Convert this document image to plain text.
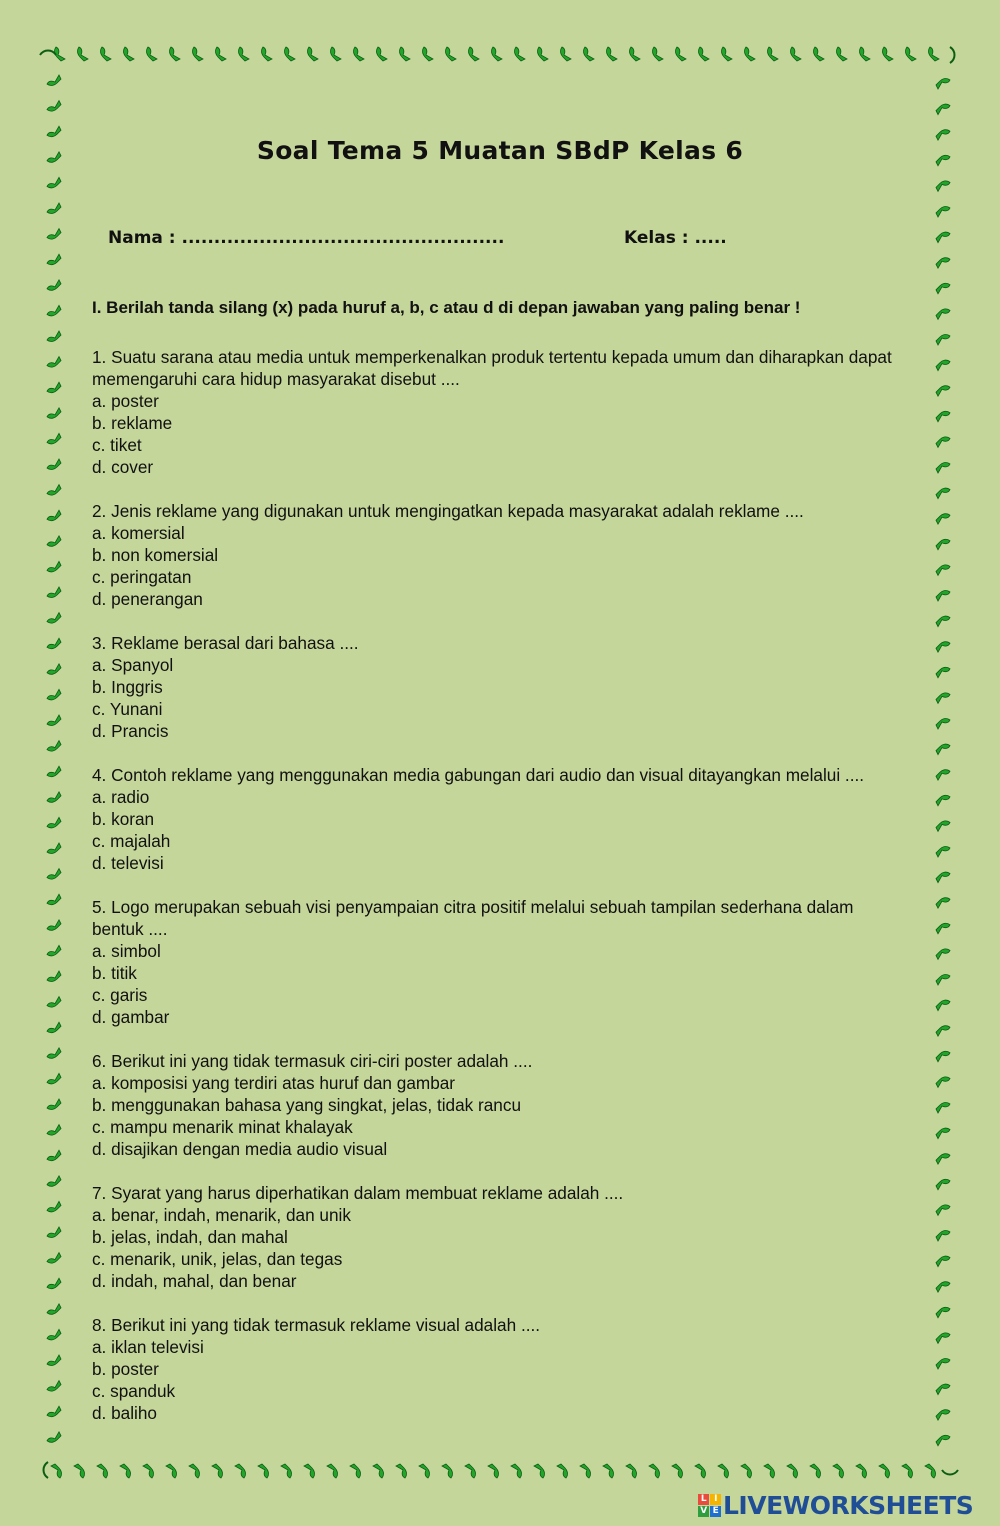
Soal Tema 5 Muatan SBdP Kelas 6
Nama : ..................................................	Kelas : .....
I. Berilah tanda silang (x) pada huruf a, b, c atau d di depan jawaban yang paling benar !
1. Suatu sarana atau media untuk memperkenalkan produk tertentu kepada umum dan diharapkan dapat memengaruhi cara hidup masyarakat disebut ....
a. poster
b. reklame
c. tiket
d. cover
2. Jenis reklame yang digunakan untuk mengingatkan kepada masyarakat adalah reklame ....
a. komersial
b. non komersial
c. peringatan
d. penerangan
3. Reklame berasal dari bahasa ....
a. Spanyol
b. Inggris
c. Yunani
d. Prancis
4. Contoh reklame yang menggunakan media gabungan dari audio dan visual ditayangkan melalui ....
a. radio
b. koran
c. majalah
d. televisi
5. Logo merupakan sebuah visi penyampaian citra positif melalui sebuah tampilan sederhana dalam bentuk ....
a. simbol
b. titik
c. garis
d. gambar
6. Berikut ini yang tidak termasuk ciri-ciri poster adalah ....
a. komposisi yang terdiri atas huruf dan gambar
b. menggunakan bahasa yang singkat, jelas, tidak rancu
c. mampu menarik minat khalayak
d. disajikan dengan media audio visual
7. Syarat yang harus diperhatikan dalam membuat reklame adalah ....
a. benar, indah, menarik, dan unik
b. jelas, indah, dan mahal
c. menarik, unik, jelas, dan tegas
d. indah, mahal, dan benar
8. Berikut ini yang tidak termasuk reklame visual adalah ....
a. iklan televisi
b. poster
c. spanduk
d. baliho
L I
V E LIVEWORKSHEETS
